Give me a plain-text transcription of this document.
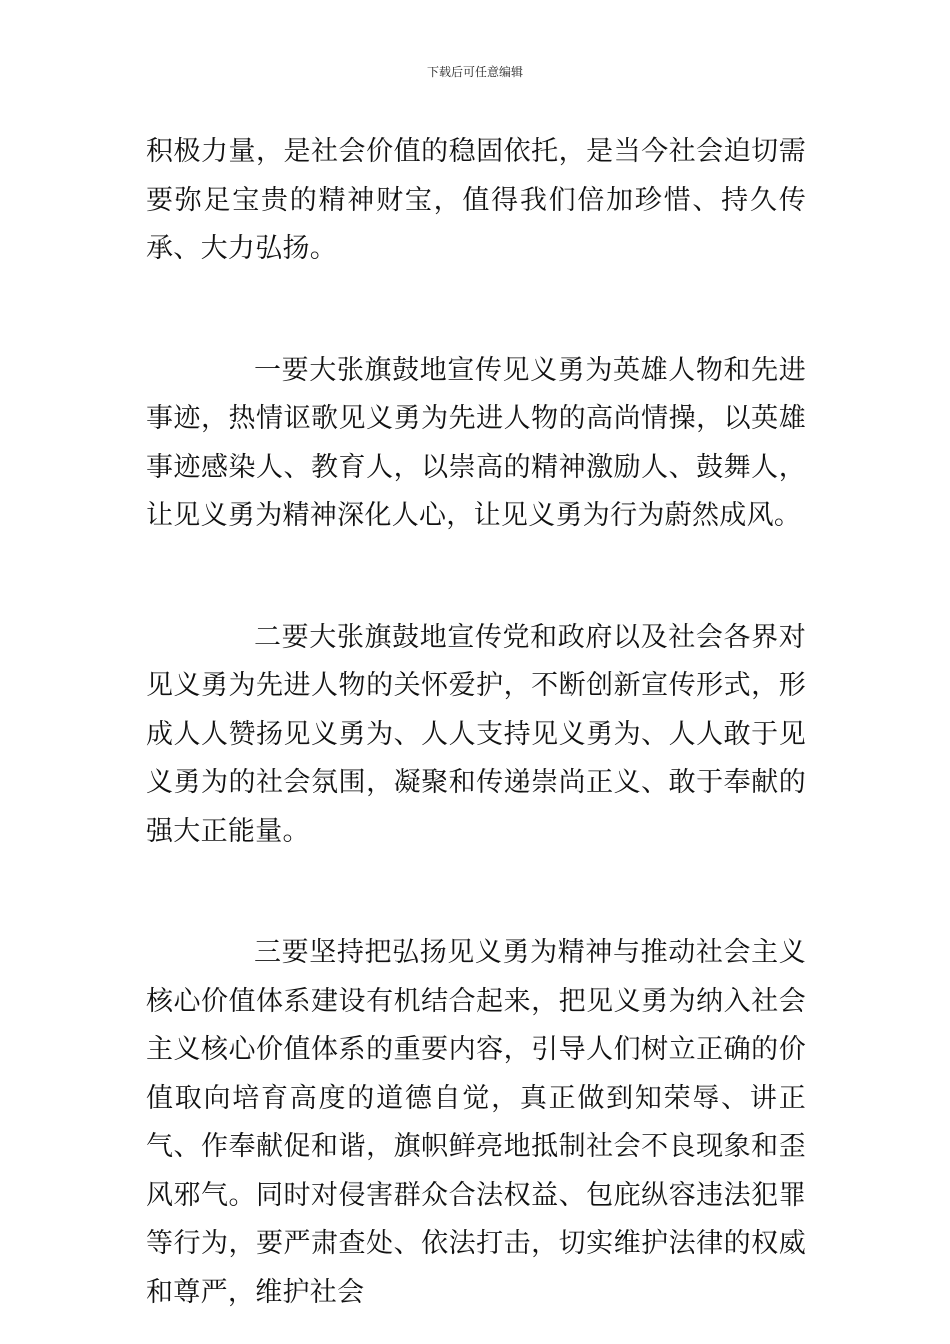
下载后可任意编辑

积极力量，是社会价值的稳固依托，是当今社会迫切需要弥足宝贵的精神财宝，值得我们倍加珍惜、持久传承、大力弘扬。

一要大张旗鼓地宣传见义勇为英雄人物和先进事迹，热情讴歌见义勇为先进人物的高尚情操，以英雄事迹感染人、教育人，以崇高的精神激励人、鼓舞人，让见义勇为精神深化人心，让见义勇为行为蔚然成风。

二要大张旗鼓地宣传党和政府以及社会各界对见义勇为先进人物的关怀爱护，不断创新宣传形式，形成人人赞扬见义勇为、人人支持见义勇为、人人敢于见义勇为的社会氛围，凝聚和传递崇尚正义、敢于奉献的强大正能量。

三要坚持把弘扬见义勇为精神与推动社会主义核心价值体系建设有机结合起来，把见义勇为纳入社会主义核心价值体系的重要内容，引导人们树立正确的价值取向培育高度的道德自觉，真正做到知荣辱、讲正气、作奉献促和谐，旗帜鲜亮地抵制社会不良现象和歪风邪气。同时对侵害群众合法权益、包庇纵容违法犯罪等行为，要严肃查处、依法打击，切实维护法律的权威和尊严，维护社会
